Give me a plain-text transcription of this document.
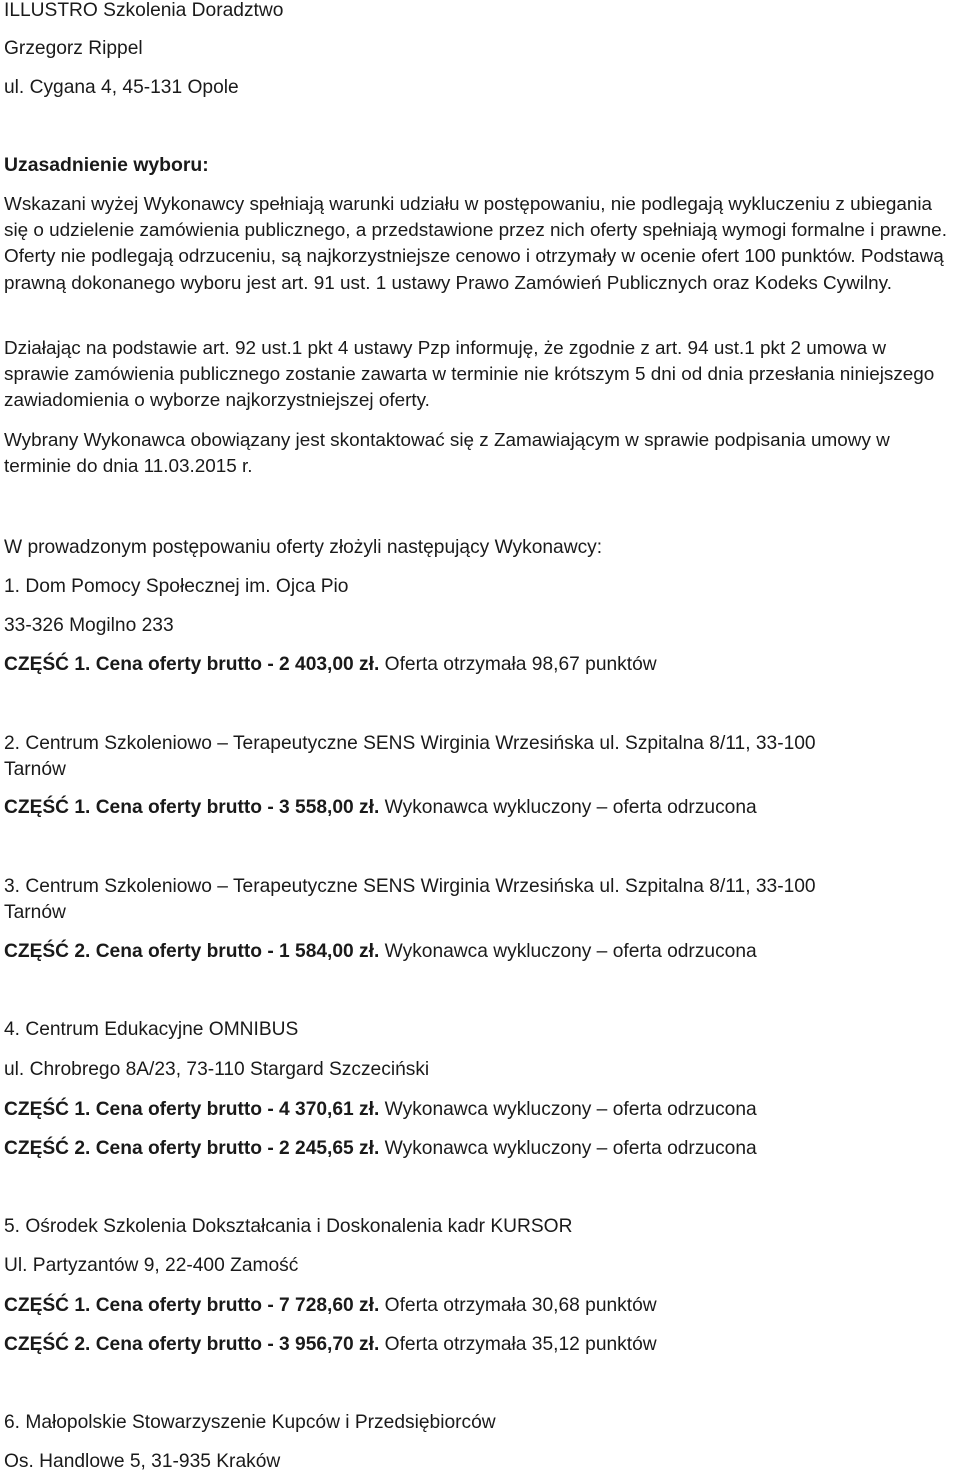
ILLUSTRO Szkolenia Doradztwo
Grzegorz Rippel
ul. Cygana 4, 45-131 Opole
Uzasadnienie wyboru:
Wskazani wyżej Wykonawcy spełniają warunki udziału w postępowaniu, nie podlegają wykluczeniu z ubiegania się o udzielenie zamówienia publicznego, a przedstawione przez nich oferty spełniają wymogi formalne i prawne. Oferty nie podlegają odrzuceniu, są najkorzystniejsze cenowo i otrzymały w ocenie ofert 100 punktów. Podstawą prawną dokonanego wyboru jest art. 91 ust. 1 ustawy Prawo Zamówień Publicznych oraz Kodeks Cywilny.
Działając na podstawie art. 92 ust.1 pkt 4 ustawy Pzp informuję, że zgodnie z art. 94 ust.1 pkt 2 umowa w sprawie zamówienia publicznego zostanie zawarta w terminie nie krótszym 5 dni od dnia przesłania niniejszego zawiadomienia o wyborze najkorzystniejszej oferty.
Wybrany Wykonawca obowiązany jest skontaktować się z Zamawiającym w sprawie podpisania umowy w terminie do dnia 11.03.2015 r.
W prowadzonym postępowaniu oferty złożyli następujący Wykonawcy:
1. Dom Pomocy Społecznej im. Ojca Pio
33-326 Mogilno 233
CZĘŚĆ 1. Cena oferty brutto - 2 403,00 zł. Oferta otrzymała 98,67 punktów
2. Centrum Szkoleniowo – Terapeutyczne SENS Wirginia Wrzesińska ul. Szpitalna 8/11, 33-100
Tarnów
CZĘŚĆ 1. Cena oferty brutto - 3 558,00 zł. Wykonawca wykluczony – oferta odrzucona
3. Centrum Szkoleniowo – Terapeutyczne SENS Wirginia Wrzesińska ul. Szpitalna 8/11, 33-100
Tarnów
CZĘŚĆ 2. Cena oferty brutto - 1 584,00 zł. Wykonawca wykluczony – oferta odrzucona
4. Centrum Edukacyjne OMNIBUS
ul. Chrobrego 8A/23, 73-110 Stargard Szczeciński
CZĘŚĆ 1. Cena oferty brutto - 4 370,61 zł. Wykonawca wykluczony – oferta odrzucona
CZĘŚĆ 2. Cena oferty brutto - 2 245,65 zł. Wykonawca wykluczony – oferta odrzucona
5. Ośrodek Szkolenia Dokształcania i Doskonalenia kadr KURSOR
Ul. Partyzantów 9, 22-400 Zamość
CZĘŚĆ 1. Cena oferty brutto - 7 728,60 zł. Oferta otrzymała 30,68 punktów
CZĘŚĆ 2. Cena oferty brutto - 3 956,70 zł. Oferta otrzymała 35,12 punktów
6. Małopolskie Stowarzyszenie Kupców i Przedsiębiorców
Os. Handlowe 5, 31-935 Kraków
